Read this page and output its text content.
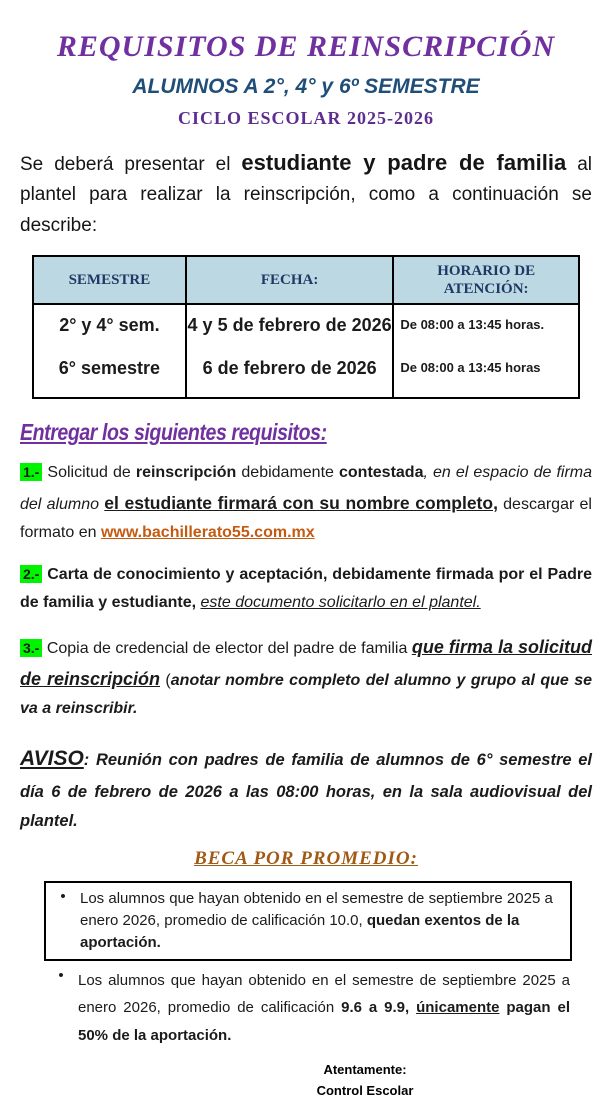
REQUISITOS DE REINSCRIPCIÓN
ALUMNOS A 2°, 4° y 6º SEMESTRE
CICLO ESCOLAR 2025-2026

Se deberá presentar el estudiante y padre de familia al plantel para realizar la reinscripción, como a continuación se describe:

SEMESTRE	FECHA:	HORARIO DE ATENCIÓN:

2° y 4° sem.
6° semestre

4 y 5 de febrero de 2026
6 de febrero de 2026

De 08:00 a 13:45 horas.
De 08:00 a 13:45 horas
Entregar los siguientes requisitos:

1.- Solicitud de reinscripción debidamente contestada, en el espacio de firma del alumno el estudiante firmará con su nombre completo, descargar el formato en www.bachillerato55.com.mx

2.- Carta de conocimiento y aceptación, debidamente firmada por el Padre de familia y estudiante, este documento solicitarlo en el plantel.

3.- Copia de credencial de elector del padre de familia que firma la solicitud de reinscripción (anotar nombre completo del alumno y grupo al que se va a reinscribir.

AVISO: Reunión con padres de familia de alumnos de 6° semestre el día 6 de febrero de 2026 a las 08:00 horas, en la sala audiovisual del plantel.

BECA POR PROMEDIO:
• Los alumnos que hayan obtenido en el semestre de septiembre 2025 a enero 2026, promedio de calificación 10.0, quedan exentos de la aportación.
• Los alumnos que hayan obtenido en el semestre de septiembre 2025 a enero 2026, promedio de calificación 9.6 a 9.9, únicamente pagan el 50% de la aportación.
Atentamente:
Control Escolar
